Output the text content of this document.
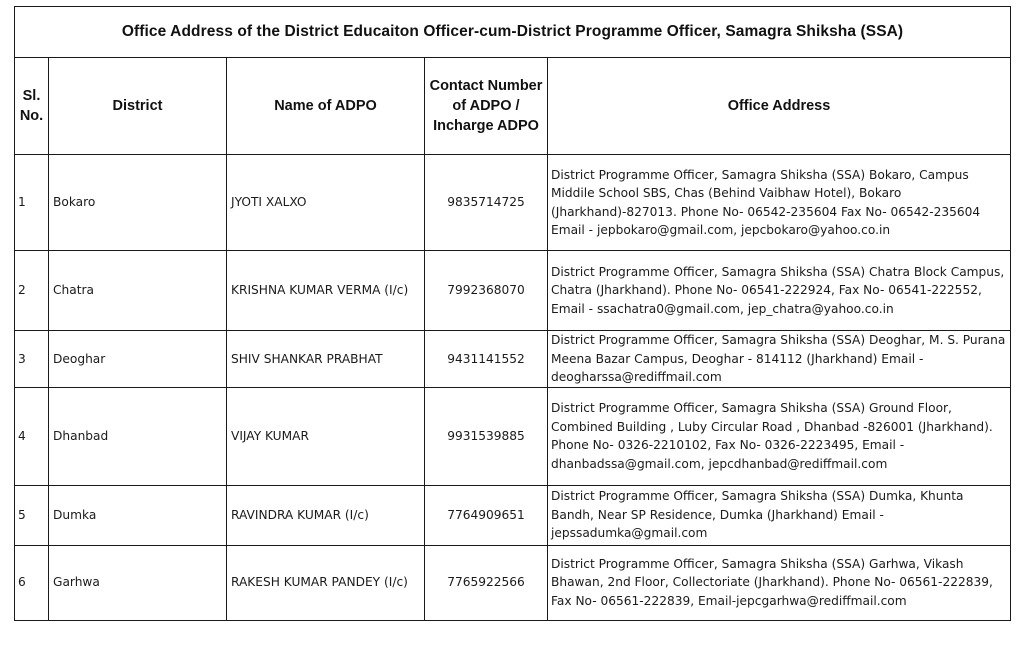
Office Address of the District Educaiton Officer-cum-District Programme Officer, Samagra Shiksha (SSA)				
Sl. No.	District	Name of ADPO	Contact Number of ADPO / Incharge ADPO	Office Address
1	Bokaro	JYOTI XALXO	9835714725	District Programme Officer, Samagra Shiksha (SSA) Bokaro, Campus Middile School SBS, Chas (Behind Vaibhaw Hotel), Bokaro (Jharkhand)-827013. Phone No- 06542-235604 Fax No- 06542-235604 Email - jepbokaro@gmail.com, jepcbokaro@yahoo.co.in
2	Chatra	KRISHNA KUMAR VERMA (I/c)	7992368070	District Programme Officer, Samagra Shiksha (SSA) Chatra Block Campus, Chatra (Jharkhand). Phone No- 06541-222924, Fax No- 06541-222552, Email - ssachatra0@gmail.com, jep_chatra@yahoo.co.in
3	Deoghar	SHIV SHANKAR PRABHAT	9431141552	District Programme Officer, Samagra Shiksha (SSA) Deoghar, M. S. Purana Meena Bazar Campus, Deoghar - 814112 (Jharkhand) Email - deogharssa@rediffmail.com
4	Dhanbad	VIJAY KUMAR	9931539885	District Programme Officer, Samagra Shiksha (SSA) Ground Floor, Combined Building , Luby Circular Road , Dhanbad -826001 (Jharkhand). Phone No- 0326-2210102, Fax No- 0326-2223495, Email - dhanbadssa@gmail.com, jepcdhanbad@rediffmail.com
5	Dumka	RAVINDRA KUMAR (I/c)	7764909651	District Programme Officer, Samagra Shiksha (SSA) Dumka, Khunta Bandh, Near SP Residence, Dumka (Jharkhand) Email - jepssadumka@gmail.com
6	Garhwa	RAKESH KUMAR PANDEY (I/c)	7765922566	District Programme Officer, Samagra Shiksha (SSA) Garhwa, Vikash Bhawan, 2nd Floor, Collectoriate (Jharkhand). Phone No- 06561-222839, Fax No- 06561-222839, Email-jepcgarhwa@rediffmail.com
